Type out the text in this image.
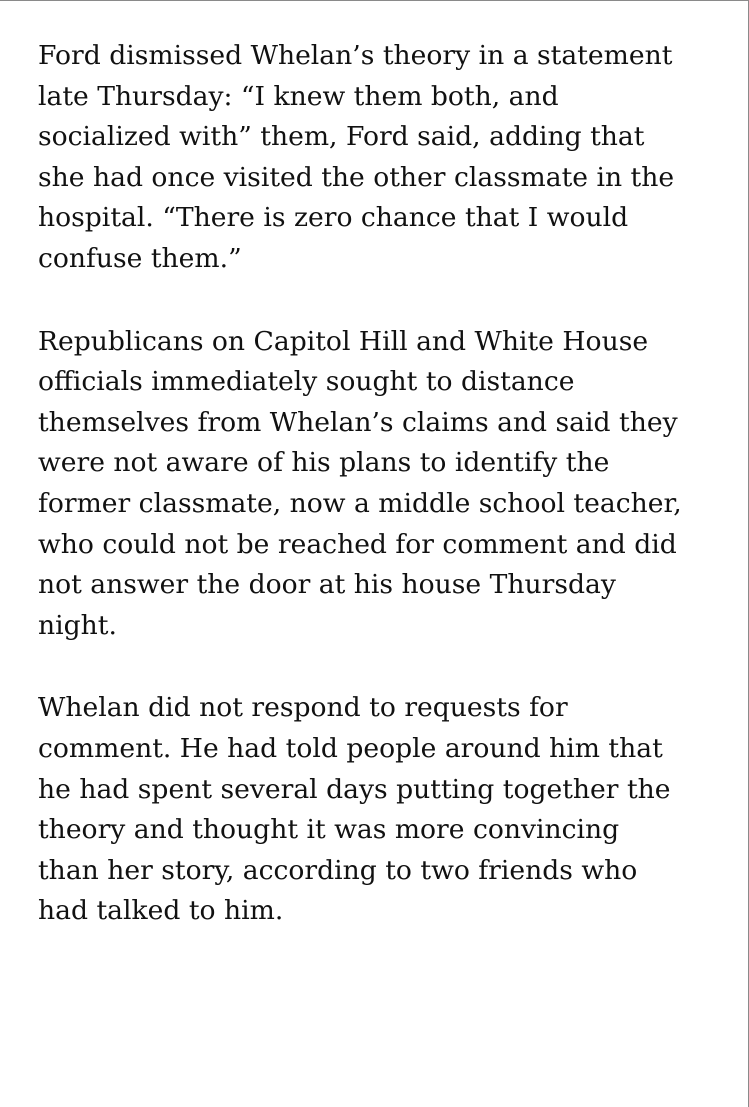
Ford dismissed Whelan’s theory in a statement
late Thursday: “I knew them both, and
socialized with” them, Ford said, adding that
she had once visited the other classmate in the
hospital. “There is zero chance that I would
confuse them.”

Republicans on Capitol Hill and White House
officials immediately sought to distance
themselves from Whelan’s claims and said they
were not aware of his plans to identify the
former classmate, now a middle school teacher,
who could not be reached for comment and did
not answer the door at his house Thursday
night.

Whelan did not respond to requests for
comment. He had told people around him that
he had spent several days putting together the
theory and thought it was more convincing
than her story, according to two friends who
had talked to him.
